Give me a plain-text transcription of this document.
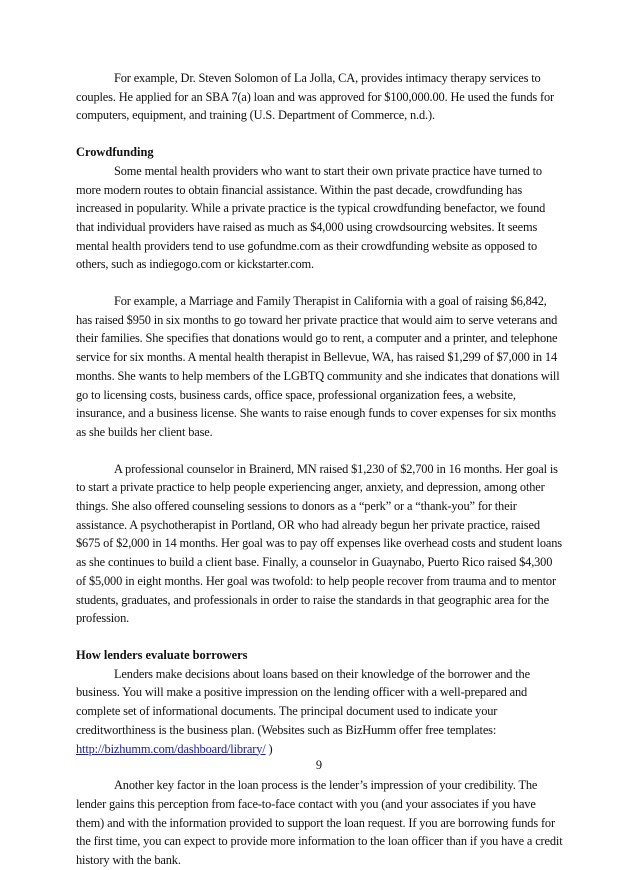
For example, Dr. Steven Solomon of La Jolla, CA, provides intimacy therapy services to couples. He applied for an SBA 7(a) loan and was approved for $100,000.00. He used the funds for computers, equipment, and training (U.S. Department of Commerce, n.d.).

Crowdfunding

Some mental health providers who want to start their own private practice have turned to more modern routes to obtain financial assistance. Within the past decade, crowdfunding has increased in popularity. While a private practice is the typical crowdfunding benefactor, we found that individual providers have raised as much as $4,000 using crowdsourcing websites. It seems mental health providers tend to use gofundme.com as their crowdfunding website as opposed to others, such as indiegogo.com or kickstarter.com.

For example, a Marriage and Family Therapist in California with a goal of raising $6,842, has raised $950 in six months to go toward her private practice that would aim to serve veterans and their families. She specifies that donations would go to rent, a computer and a printer, and telephone service for six months. A mental health therapist in Bellevue, WA, has raised $1,299 of $7,000 in 14 months. She wants to help members of the LGBTQ community and she indicates that donations will go to licensing costs, business cards, office space, professional organization fees, a website, insurance, and a business license. She wants to raise enough funds to cover expenses for six months as she builds her client base.

A professional counselor in Brainerd, MN raised $1,230 of $2,700 in 16 months. Her goal is to start a private practice to help people experiencing anger, anxiety, and depression, among other things. She also offered counseling sessions to donors as a “perk” or a “thank-you” for their assistance. A psychotherapist in Portland, OR who had already begun her private practice, raised $675 of $2,000 in 14 months. Her goal was to pay off expenses like overhead costs and student loans as she continues to build a client base. Finally, a counselor in Guaynabo, Puerto Rico raised $4,300 of $5,000 in eight months. Her goal was twofold: to help people recover from trauma and to mentor students, graduates, and professionals in order to raise the standards in that geographic area for the profession.

How lenders evaluate borrowers

Lenders make decisions about loans based on their knowledge of the borrower and the business. You will make a positive impression on the lending officer with a well-prepared and complete set of informational documents. The principal document used to indicate your creditworthiness is the business plan. (Websites such as BizHumm offer free templates: http://bizhumm.com/dashboard/library/ )

Another key factor in the loan process is the lender’s impression of your credibility. The lender gains this perception from face-to-face contact with you (and your associates if you have them) and with the information provided to support the loan request. If you are borrowing funds for the first time, you can expect to provide more information to the loan officer than if you have a credit history with the bank.

9
